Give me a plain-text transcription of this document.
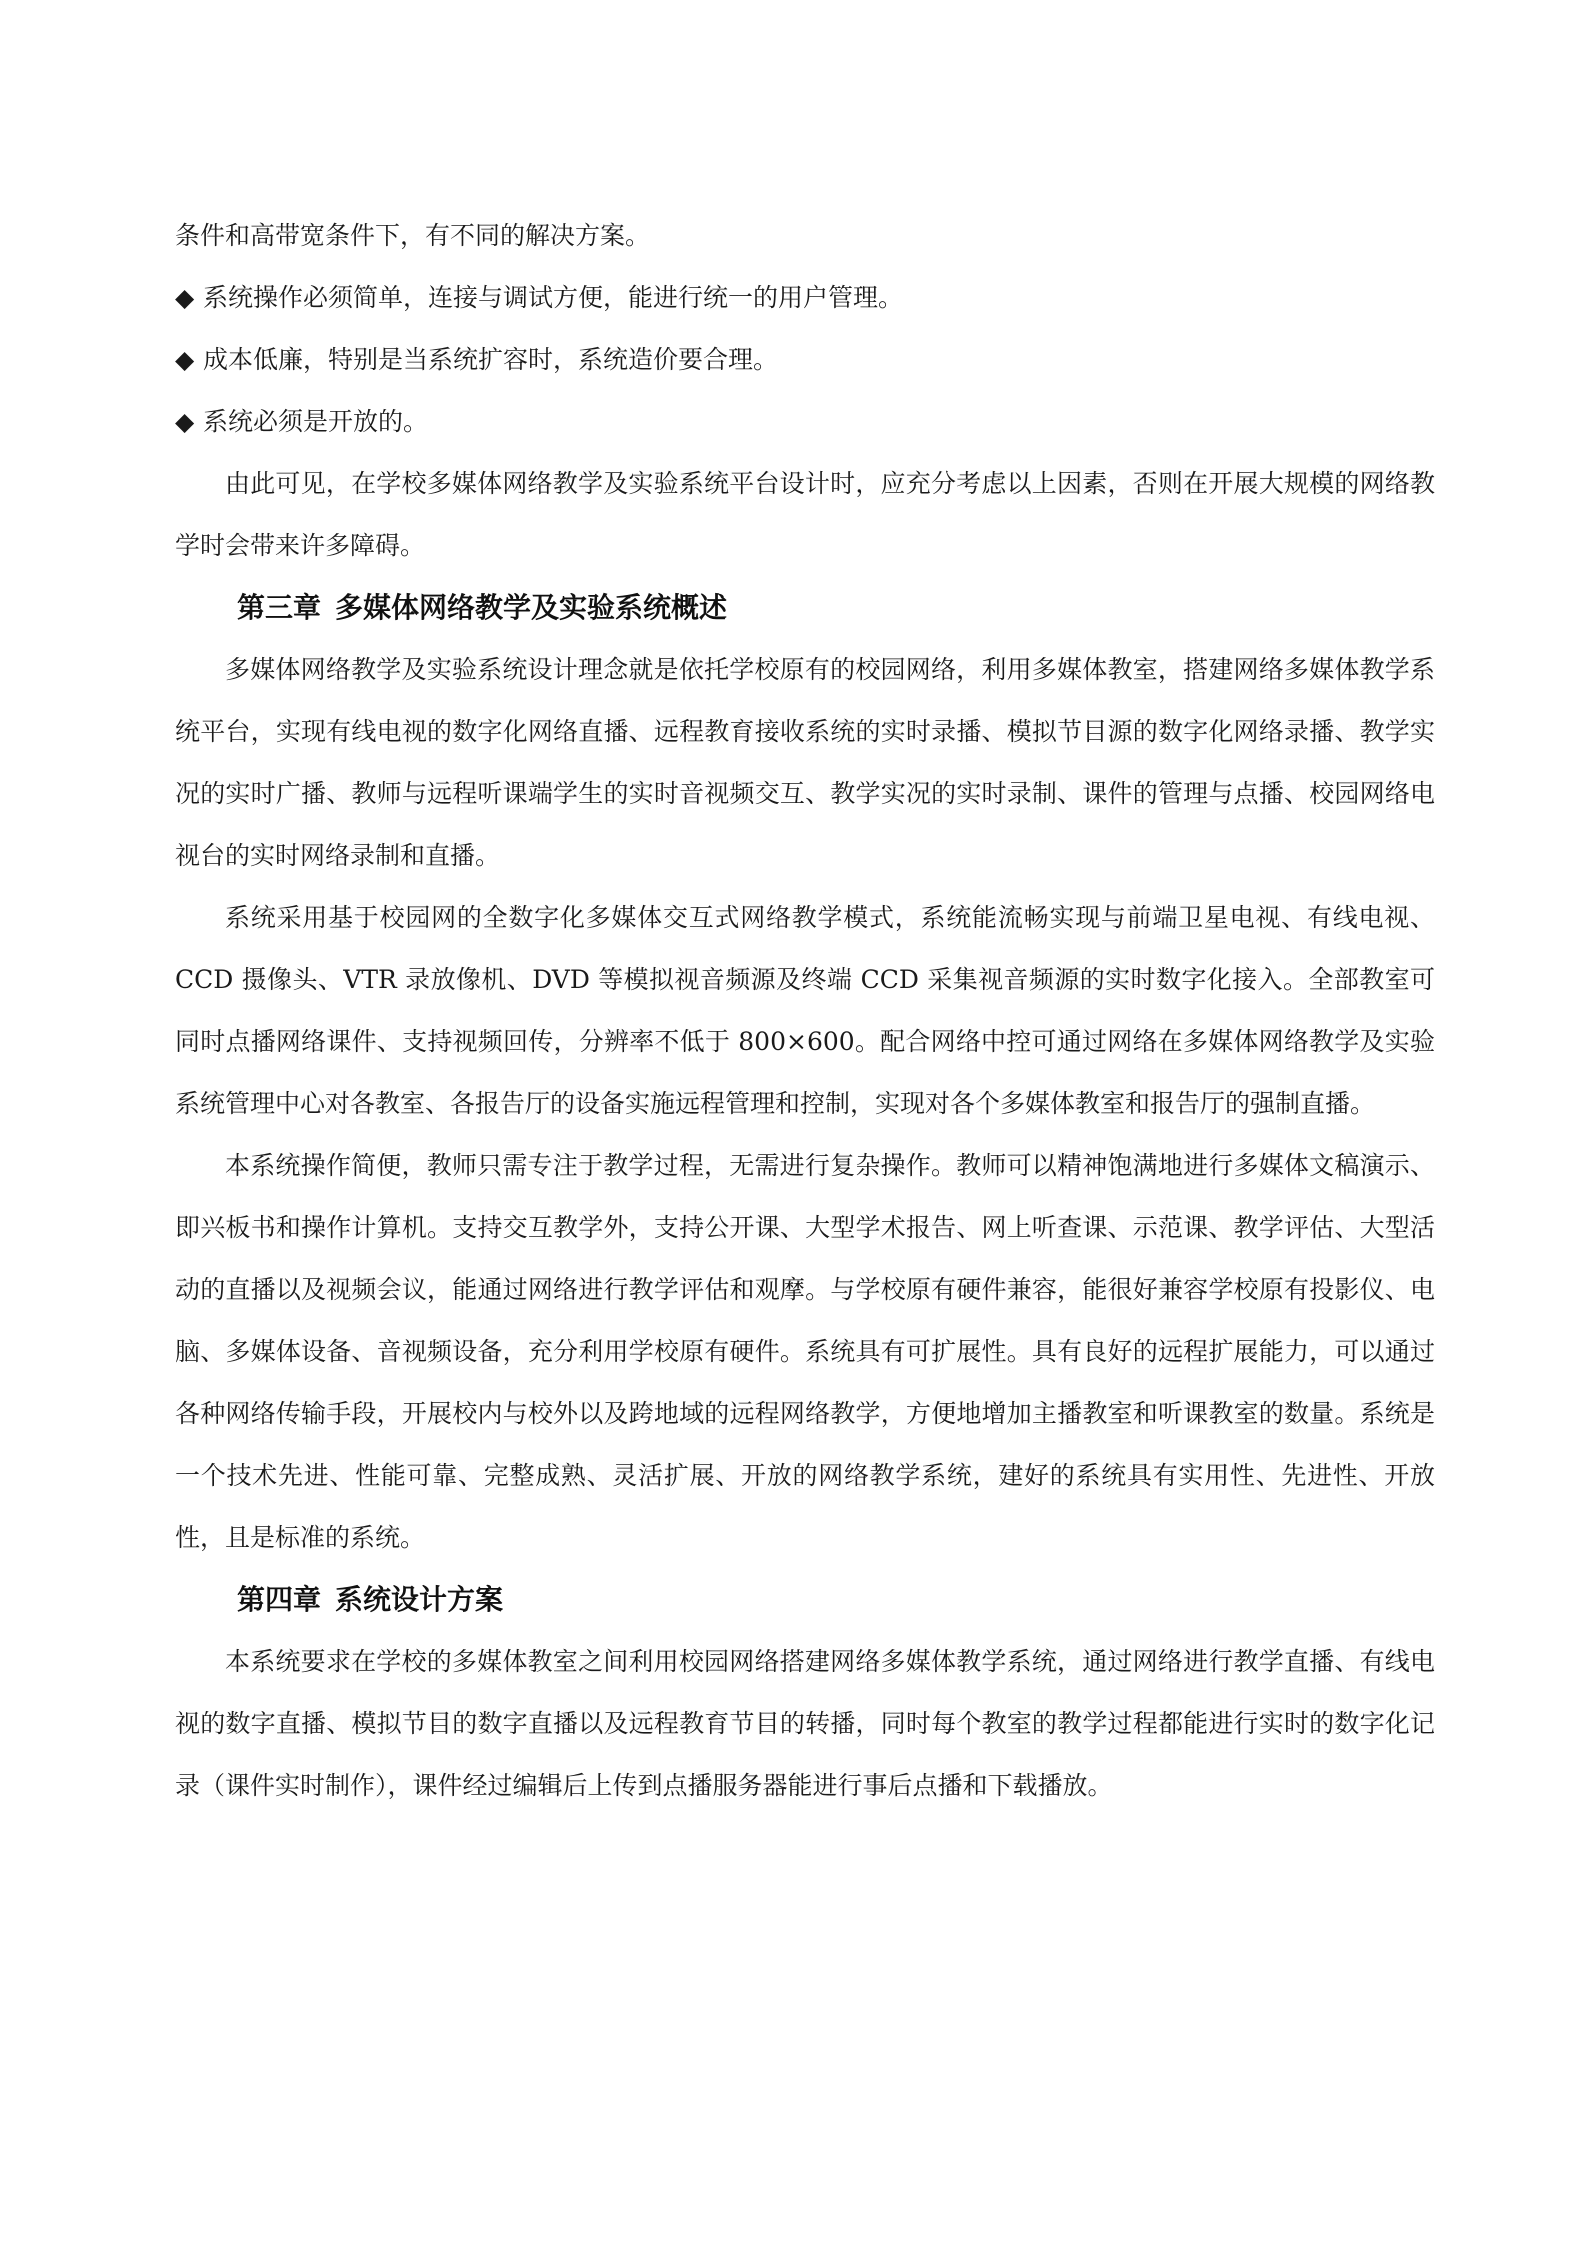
条件和高带宽条件下，有不同的解决方案。

◆ 系统操作必须简单，连接与调试方便，能进行统一的用户管理。

◆ 成本低廉，特别是当系统扩容时，系统造价要合理。

◆ 系统必须是开放的。

由此可见，在学校多媒体网络教学及实验系统平台设计时，应充分考虑以上因素，否则在开展大规模的网络教学时会带来许多障碍。

第三章 多媒体网络教学及实验系统概述

多媒体网络教学及实验系统设计理念就是依托学校原有的校园网络，利用多媒体教室，搭建网络多媒体教学系统平台，实现有线电视的数字化网络直播、远程教育接收系统的实时录播、模拟节目源的数字化网络录播、教学实况的实时广播、教师与远程听课端学生的实时音视频交互、教学实况的实时录制、课件的管理与点播、校园网络电视台的实时网络录制和直播。

系统采用基于校园网的全数字化多媒体交互式网络教学模式，系统能流畅实现与前端卫星电视、有线电视、CCD 摄像头、VTR 录放像机、DVD 等模拟视音频源及终端 CCD 采集视音频源的实时数字化接入。全部教室可同时点播网络课件、支持视频回传，分辨率不低于 800×600。配合网络中控可通过网络在多媒体网络教学及实验系统管理中心对各教室、各报告厅的设备实施远程管理和控制，实现对各个多媒体教室和报告厅的强制直播。

本系统操作简便，教师只需专注于教学过程，无需进行复杂操作。教师可以精神饱满地进行多媒体文稿演示、即兴板书和操作计算机。支持交互教学外，支持公开课、大型学术报告、网上听查课、示范课、教学评估、大型活动的直播以及视频会议，能通过网络进行教学评估和观摩。与学校原有硬件兼容，能很好兼容学校原有投影仪、电脑、多媒体设备、音视频设备，充分利用学校原有硬件。系统具有可扩展性。具有良好的远程扩展能力，可以通过各种网络传输手段，开展校内与校外以及跨地域的远程网络教学，方便地增加主播教室和听课教室的数量。系统是一个技术先进、性能可靠、完整成熟、灵活扩展、开放的网络教学系统，建好的系统具有实用性、先进性、开放性，且是标准的系统。

第四章 系统设计方案

本系统要求在学校的多媒体教室之间利用校园网络搭建网络多媒体教学系统，通过网络进行教学直播、有线电视的数字直播、模拟节目的数字直播以及远程教育节目的转播，同时每个教室的教学过程都能进行实时的数字化记录（课件实时制作），课件经过编辑后上传到点播服务器能进行事后点播和下载播放。
